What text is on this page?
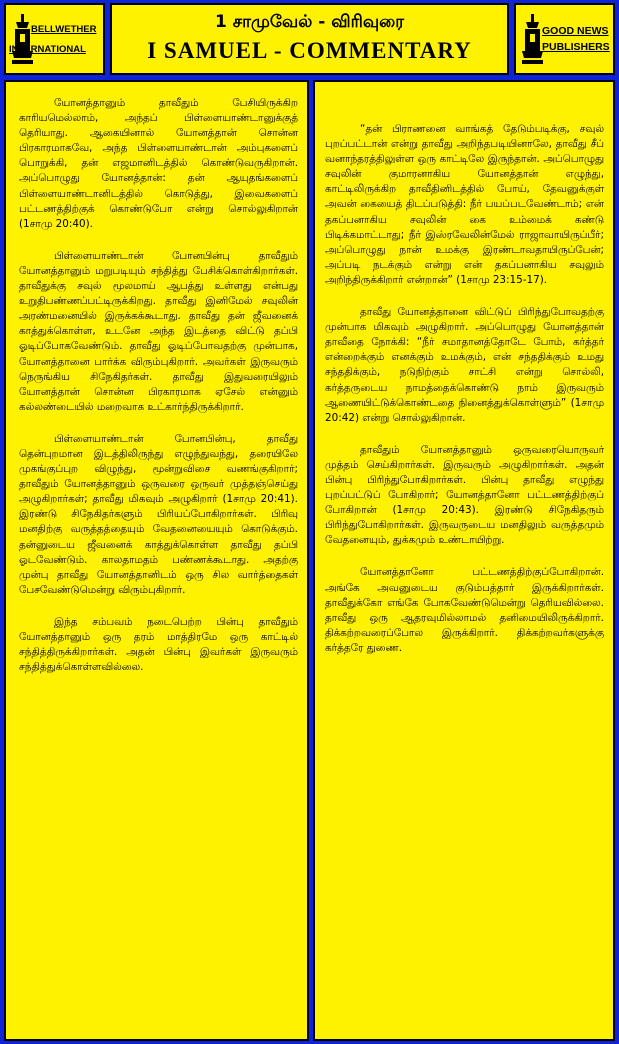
BELLWETHER
INTERNATIONAL
1 சாமுவேல் - விரிவுரை
I SAMUEL - COMMENTARY
GOOD NEWS
PUBLISHERS

யோனத்தானும் தாவீதும் பேசியிருக்கிற காரியமெல்லாம், அந்தப் பிள்ளையாண்டானுக்குத் தெரியாது. ஆகையினால் யோனத்தான் சொன்ன பிரகாரமாகவே, அந்த பிள்ளையாண்டான் அம்புகளைப் பொறுக்கி, தன் எஜமானிடத்தில் கொண்டுவருகிறான். அப்பொழுது யோனத்தான்: தன் ஆயுதங்களைப் பிள்ளையாண்டானிடத்தில் கொடுத்து, இவைகளைப் பட்டணத்திற்குக் கொண்டுபோ என்று சொல்லுகிறான் (1சாமு 20:40).

பிள்ளையாண்டான் போனபின்பு தாவீதும் யோனத்தானும் மறுபடியும் சந்தித்து பேசிக்கொள்கிறார்கள். தாவீதுக்கு சவுல் மூலமாய் ஆபத்து உள்ளது என்பது உறுதிபண்ணப்பட்டிருக்கிறது. தாவீது இனிமேல் சவுலின் அரண்மனையில் இருக்கக்கூடாது. தாவீது தன் ஜீவனைக் காத்துக்கொள்ள, உடனே அந்த இடத்தை விட்டு தப்பி ஓடிப்போகவேண்டும். தாவீது ஓடிப்போவதற்கு முன்பாக, யோனத்தானை பார்க்க விரும்புகிறார். அவர்கள் இருவரும் நெருங்கிய சிநேகிதர்கள். தாவீது இதுவரையிலும் யோனத்தான் சொன்ன பிரகாரமாக ஏசேல் என்னும் கல்லண்டையில் மறைவாக உட்கார்ந்திருக்கிறார்.

பிள்ளையாண்டான் போனபின்பு, தாவீது தென்புறமான இடத்திலிருந்து எழுந்துவந்து, தரையிலே முகங்குப்புற விழுந்து, மூன்றுவிசை வணங்குகிறார்; தாவீதும் யோனத்தானும் ஒருவரை ஒருவர் முத்தஞ்செய்து அழுகிறார்கள்; தாவீது மிகவும் அழுகிறார் (1சாமு 20:41). இரண்டு சிநேகிதர்களும் பிரியப்போகிறார்கள். பிரிவு மனதிற்கு வருத்தத்தையும் வேதனையையும் கொடுக்கும். தன்னுடைய ஜீவனைக் காத்துக்கொள்ள தாவீது தப்பி ஓடவேண்டும். காலதாமதம் பண்ணக்கூடாது. அதற்கு முன்பு தாவீது யோனத்தானிடம் ஒரு சில வார்த்தைகள் பேசவேண்டுமென்று விரும்புகிறார்.

இந்த சம்பவம் நடைபெற்ற பின்பு தாவீதும் யோனத்தானும் ஒரு தரம் மாத்திரமே ஒரு காட்டில் சந்தித்திருக்கிறார்கள். அதன் பின்பு இவர்கள் இருவரும் சந்தித்துக்கொள்ளவில்லை.

“தன் பிராணனை வாங்கத் தேடும்படிக்கு, சவுல் புறப்பட்டான் என்று தாவீது அறிந்தபடியினாலே, தாவீது சீப் வனாந்தரத்திலுள்ள ஒரு காட்டிலே இருந்தான். அப்பொழுது சவுலின் குமாரனாகிய யோனத்தான் எழுந்து, காட்டிலிருக்கிற தாவீதினிடத்தில் போய், தேவனுக்குள் அவன் கையைத் திடப்படுத்தி: நீர் பயப்படவேண்டாம்; என் தகப்பனாகிய சவுலின் கை உம்மைக் கண்டு பிடிக்கமாட்டாது; நீர் இஸ்ரவேலின்மேல் ராஜாவாயிருப்பீர்; அப்பொழுது நான் உமக்கு இரண்டாவதாயிருப்பேன்; அப்படி நடக்கும் என்று என் தகப்பனாகிய சவுலும் அறிந்திருக்கிறார் என்றான்” (1சாமு 23:15-17).

தாவீது யோனத்தானை விட்டுப் பிரிந்துபோவதற்கு முன்பாக மிகவும் அழுகிறார். அப்பொழுது யோனத்தான் தாவீதை நோக்கி: “நீர் சமாதானத்தோடே போம், கர்த்தர் என்றைக்கும் எனக்கும் உமக்கும், என் சந்ததிக்கும் உமது சந்ததிக்கும், நடுநிற்கும் சாட்சி என்று சொல்லி, கர்த்தருடைய நாமத்தைக்கொண்டு நாம் இருவரும் ஆணையிட்டுக்கொண்டதை நினைத்துக்கொள்ளும்” (1சாமு 20:42) என்று சொல்லுகிறான்.

தாவீதும் யோனத்தானும் ஒருவரையொருவர் முத்தம் செய்கிறார்கள். இருவரும் அழுகிறார்கள். அதன் பின்பு பிரிந்துபோகிறார்கள். பின்பு தாவீது எழுந்து புறப்பட்டுப் போகிறார்; யோனத்தானோ பட்டணத்திற்குப் போகிறான் (1சாமு 20:43). இரண்டு சிநேகிதரும் பிரிந்துபோகிறார்கள். இருவருடைய மனதிலும் வருத்தமும் வேதனையும், துக்கமும் உண்டாயிற்று.

யோனத்தானோ பட்டணத்திற்குப்போகிறான். அங்கே அவனுடைய குடும்பத்தார் இருக்கிறார்கள். தாவீதுக்கோ எங்கே போகவேண்டுமென்று தெரியவில்லை. தாவீது ஒரு ஆதரவுமில்லாமல் தனிமையிலிருக்கிறார். திக்கற்றவரைப்போல இருக்கிறார். திக்கற்றவர்களுக்கு கர்த்தரே துணை.
